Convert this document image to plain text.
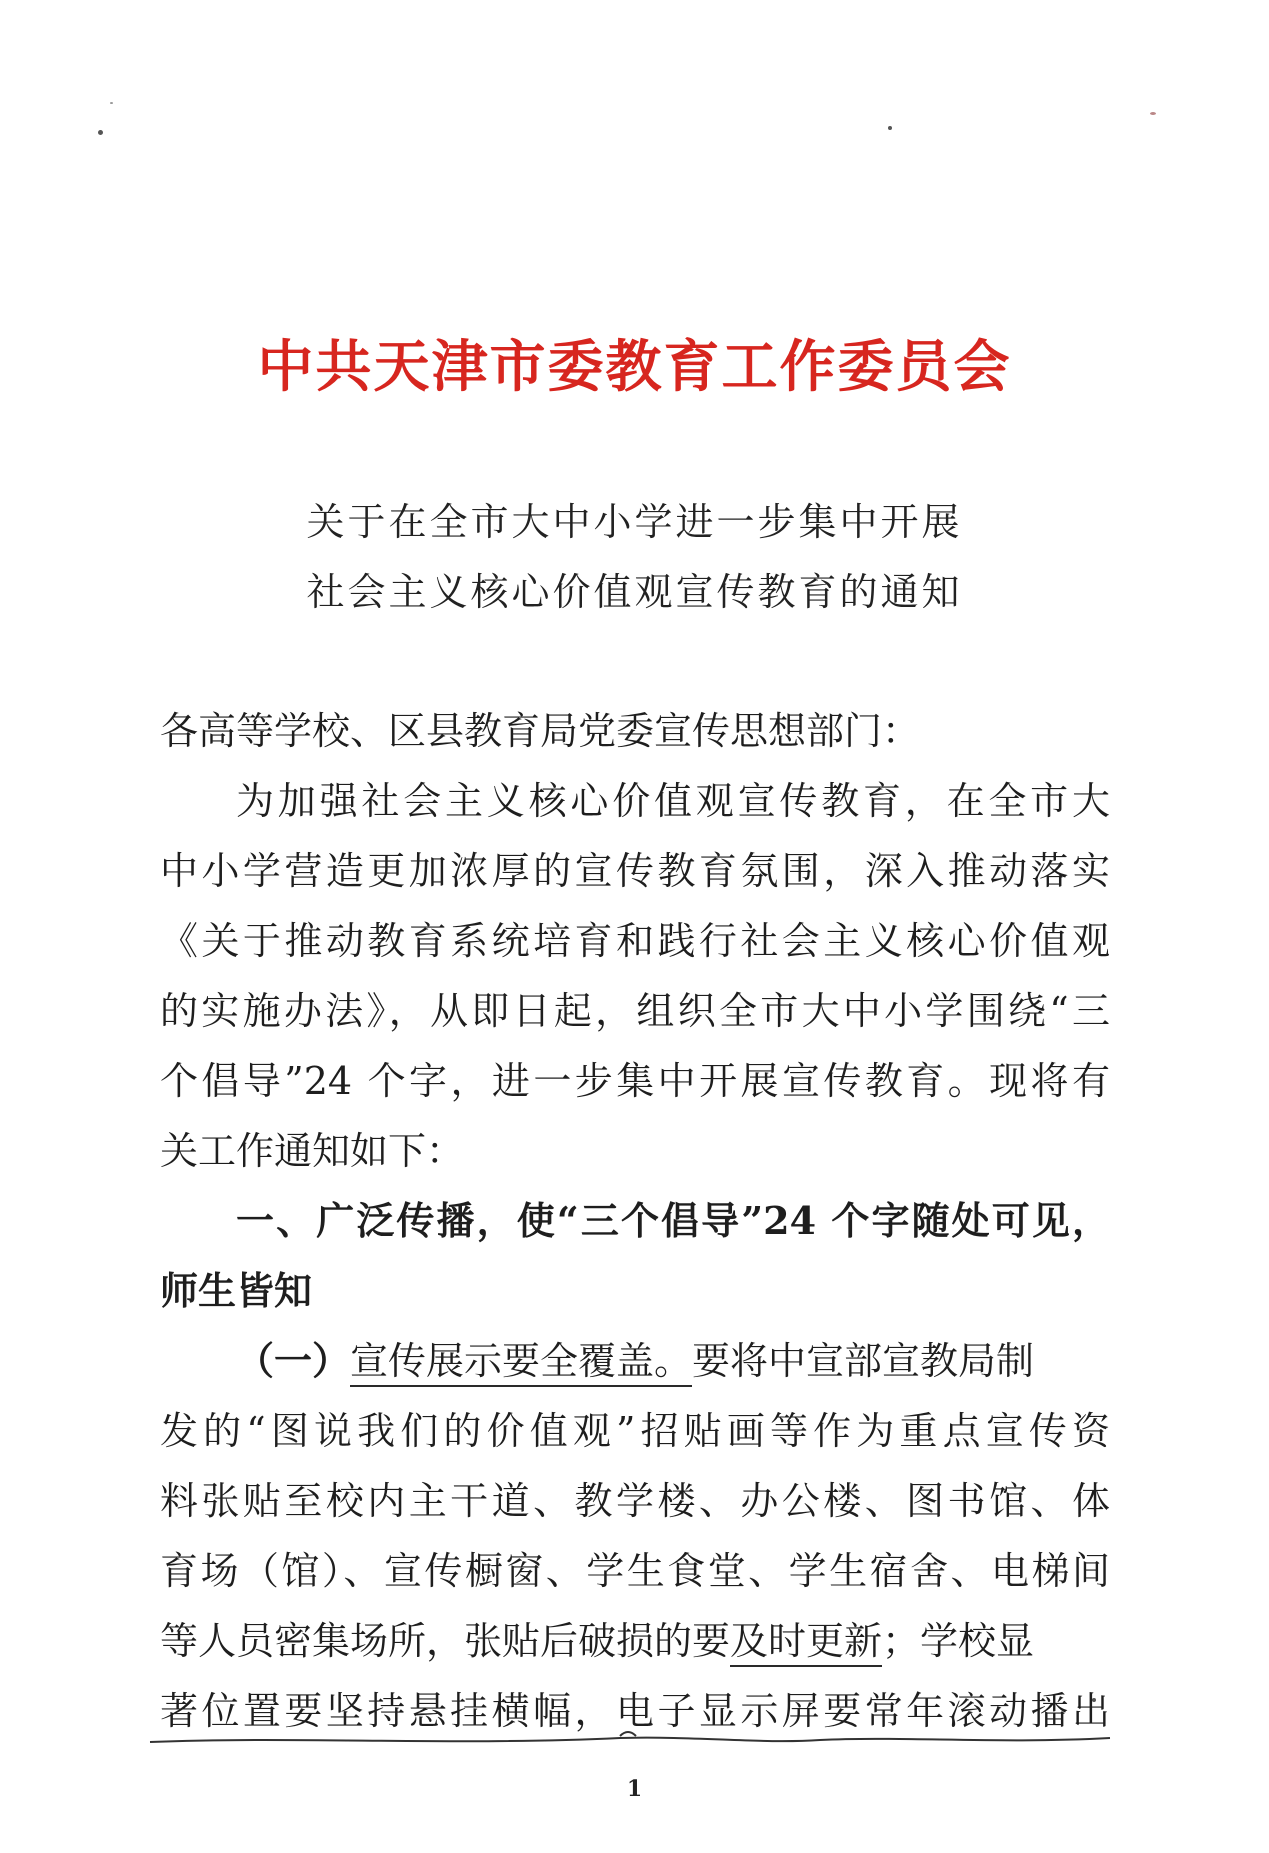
中共天津市委教育工作委员会
关于在全市大中小学进一步集中开展
社会主义核心价值观宣传教育的通知
各高等学校、区县教育局党委宣传思想部门：
为加强社会主义核心价值观宣传教育，在全市大
中小学营造更加浓厚的宣传教育氛围，深入推动落实
《关于推动教育系统培育和践行社会主义核心价值观
的实施办法》，从即日起，组织全市大中小学围绕“三
个倡导”24 个字，进一步集中开展宣传教育。现将有
关工作通知如下：
一、广泛传播，使“三个倡导”24 个字随处可见，
师生皆知
（一）宣传展示要全覆盖。要将中宣部宣教局制
发的“图说我们的价值观”招贴画等作为重点宣传资
料张贴至校内主干道、教学楼、办公楼、图书馆、体
育场（馆）、宣传橱窗、学生食堂、学生宿舍、电梯间
等人员密集场所，张贴后破损的要及时更新；学校显
著位置要坚持悬挂横幅，电子显示屏要常年滚动播出
1
